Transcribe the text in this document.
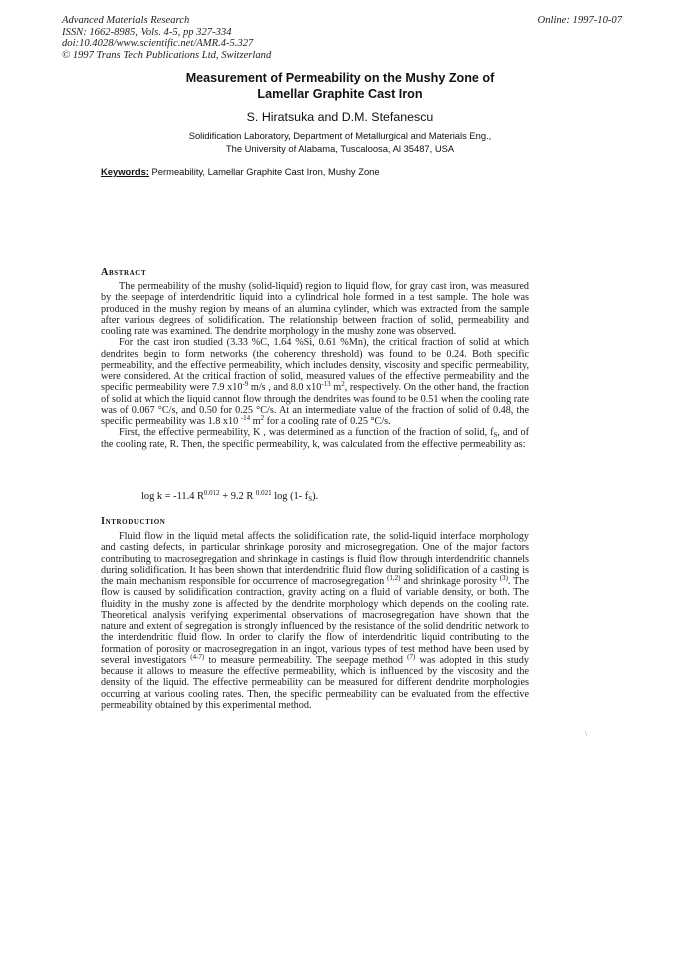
Advanced Materials Research
ISSN: 1662-8985, Vols. 4-5, pp 327-334
doi:10.4028/www.scientific.net/AMR.4-5.327
© 1997 Trans Tech Publications Ltd, Switzerland
Online: 1997-10-07
Measurement of Permeability on the Mushy Zone of
Lamellar Graphite Cast Iron
S. Hiratsuka and D.M. Stefanescu
Solidification Laboratory, Department of Metallurgical and Materials Eng.,
The University of Alabama, Tuscaloosa, Al 35487, USA
Keywords: Permeability, Lamellar Graphite Cast Iron, Mushy Zone
Abstract

The permeability of the mushy (solid-liquid) region to liquid flow, for gray cast iron, was measured by the seepage of interdendritic liquid into a cylindrical hole formed in a test sample. The hole was produced in the mushy region by means of an alumina cylinder, which was extracted from the sample after various degrees of solidification. The relationship between fraction of solid, permeability and cooling rate was examined. The dendrite morphology in the mushy zone was observed.

For the cast iron studied (3.33 %C, 1.64 %Si, 0.61 %Mn), the critical fraction of solid at which dendrites begin to form networks (the coherency threshold) was found to be 0.24. Both specific permeability, and the effective permeability, which includes density, viscosity and specific permeability, were considered. At the critical fraction of solid, measured values of the effective permeability and the specific permeability were 7.9 $x10^{-9}$ m/s , and 8.0 $x10^{-13}$ $m^2$, respectively. On the other hand, the fraction of solid at which the liquid cannot flow through the dendrites was found to be 0.51 when the cooling rate was of 0.067 °C/s, and 0.50 for 0.25 °C/s. At an intermediate value of the fraction of solid of 0.48, the specific permeability was 1.8 x10 $^{-14}$ $m^2$ for a cooling rate of 0.25 °C/s.

First, the effective permeability, K , was determined as a function of the fraction of solid, $f_S$, and of the cooling rate, R. Then, the specific permeability, k, was calculated from the effective permeability as:

log k = -11.4 $R^{0.012} + 9.2$ R $^{0.021}$ log (1- $f_S$).
Introduction

Fluid flow in the liquid metal affects the solidification rate, the solid-liquid interface morphology and casting defects, in particular shrinkage porosity and microsegregation. One of the major factors contributing to macrosegregation and shrinkage in castings is fluid flow through interdendritic channels during solidification. It has been shown that interdendritic fluid flow during solidification of a casting is the main mechanism responsible for occurrence of macrosegregation $^{(1,2)}$ and shrinkage porosity $^{(3)}$. The flow is caused by solidification contraction, gravity acting on a fluid of variable density, or both. The fluidity in the mushy zone is affected by the dendrite morphology which depends on the cooling rate. Theoretical analysis verifying experimental observations of macrosegregation have shown that the nature and extent of segregation is strongly influenced by the resistance of the solid dendritic network to the interdendritic fluid flow. In order to clarify the flow of interdendritic liquid contributing to the formation of porosity or macrosegregation in an ingot, various types of test method have been used by several investigators $^{(4-7)}$ to measure permeability. The seepage method $^{(7)}$ was adopted in this study because it allows to measure the effective permeability, which is influenced by the viscosity and the density of the liquid. The effective permeability can be measured for different dendrite morphologies occurring at various cooling rates. Then, the specific permeability can be evaluated from the effective permeability obtained by this experimental method.

\
